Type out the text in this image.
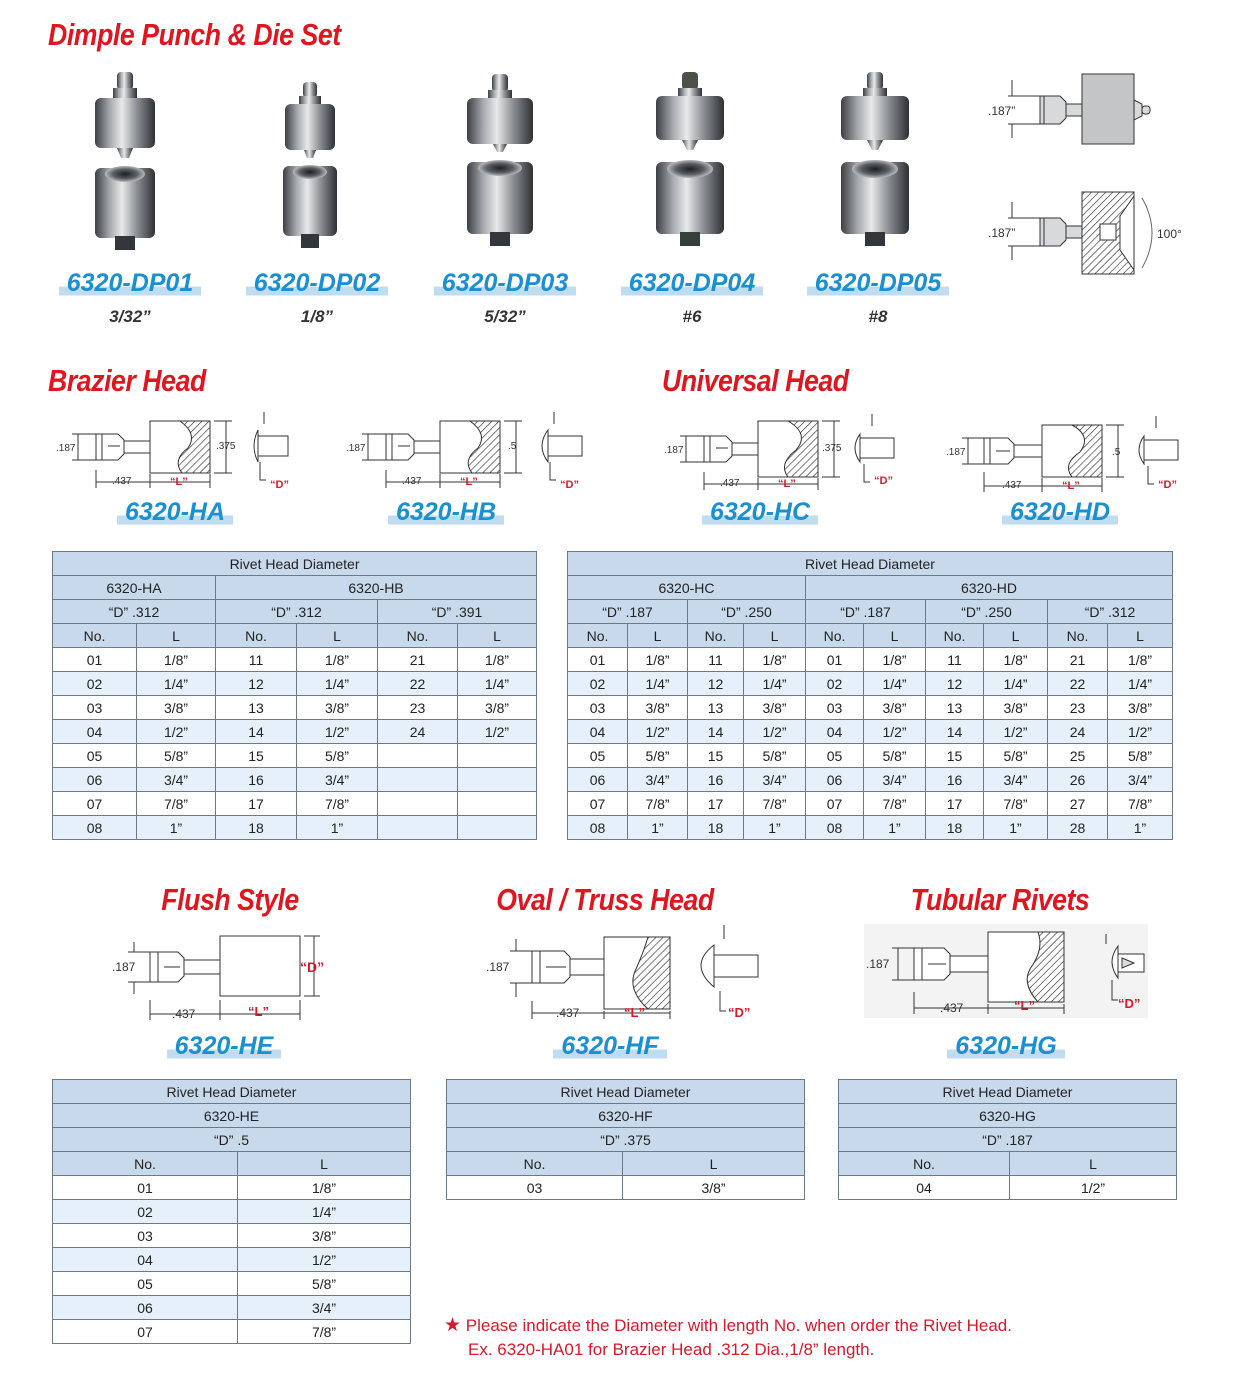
Dimple Punch & Die Set
.187”
.187”	100°
6320-DP01
3/32”
6320-DP02
1/8”
6320-DP03
5/32”
6320-DP04
#6
6320-DP05
#8
Brazier Head	Universal Head
.187	.375
.437	“L”	“D”
6320-HA
.187	.5
.437	“L”	“D”
6320-HB
.187	.375
.437	“L”	“D”
6320-HC
.187	.5
.437	“L”	“D”
6320-HD
Rivet Head Diameter					
6320-HA		6320-HB			
“D” .312		“D” .312		“D” .391	
No.	L	No.	L	No.	L
01	1/8”	11	1/8”	21	1/8”
02	1/4”	12	1/4”	22	1/4”
03	3/8”	13	3/8”	23	3/8”
04	1/2”	14	1/2”	24	1/2”
05	5/8”	15	5/8”		
06	3/4”	16	3/4”		
07	7/8”	17	7/8”		
08	1”	18	1”		
Rivet Head Diameter									
6320-HC				6320-HD					
“D” .187		“D” .250		“D” .187		“D” .250		“D” .312	
No.	L	No.	L	No.	L	No.	L	No.	L
01	1/8”	11	1/8”	01	1/8”	11	1/8”	21	1/8”
02	1/4”	12	1/4”	02	1/4”	12	1/4”	22	1/4”
03	3/8”	13	3/8”	03	3/8”	13	3/8”	23	3/8”
04	1/2”	14	1/2”	04	1/2”	14	1/2”	24	1/2”
05	5/8”	15	5/8”	05	5/8”	15	5/8”	25	5/8”
06	3/4”	16	3/4”	06	3/4”	16	3/4”	26	3/4”
07	7/8”	17	7/8”	07	7/8”	17	7/8”	27	7/8”
08	1”	18	1”	08	1”	18	1”	28	1”
Flush Style	Oval / Truss Head	Tubular Rivets
.187	“D”
.437	“L”
6320-HE
.187
.437	“L”	“D”
6320-HF
.187
.437	“L”	“D”
6320-HG
Rivet Head Diameter	
6320-HE	
“D” .5	
No.	L
01	1/8”
02	1/4”
03	3/8”
04	1/2”
05	5/8”
06	3/4”
07	7/8”
Rivet Head Diameter	
6320-HF	
“D” .375	
No.	L
03	3/8”
Rivet Head Diameter	
6320-HG	
“D” .187	
No.	L
04	1/2”
★ Please indicate the Diameter with length No. when order the Rivet Head.
Ex. 6320-HA01 for Brazier Head .312 Dia.,1/8” length.
